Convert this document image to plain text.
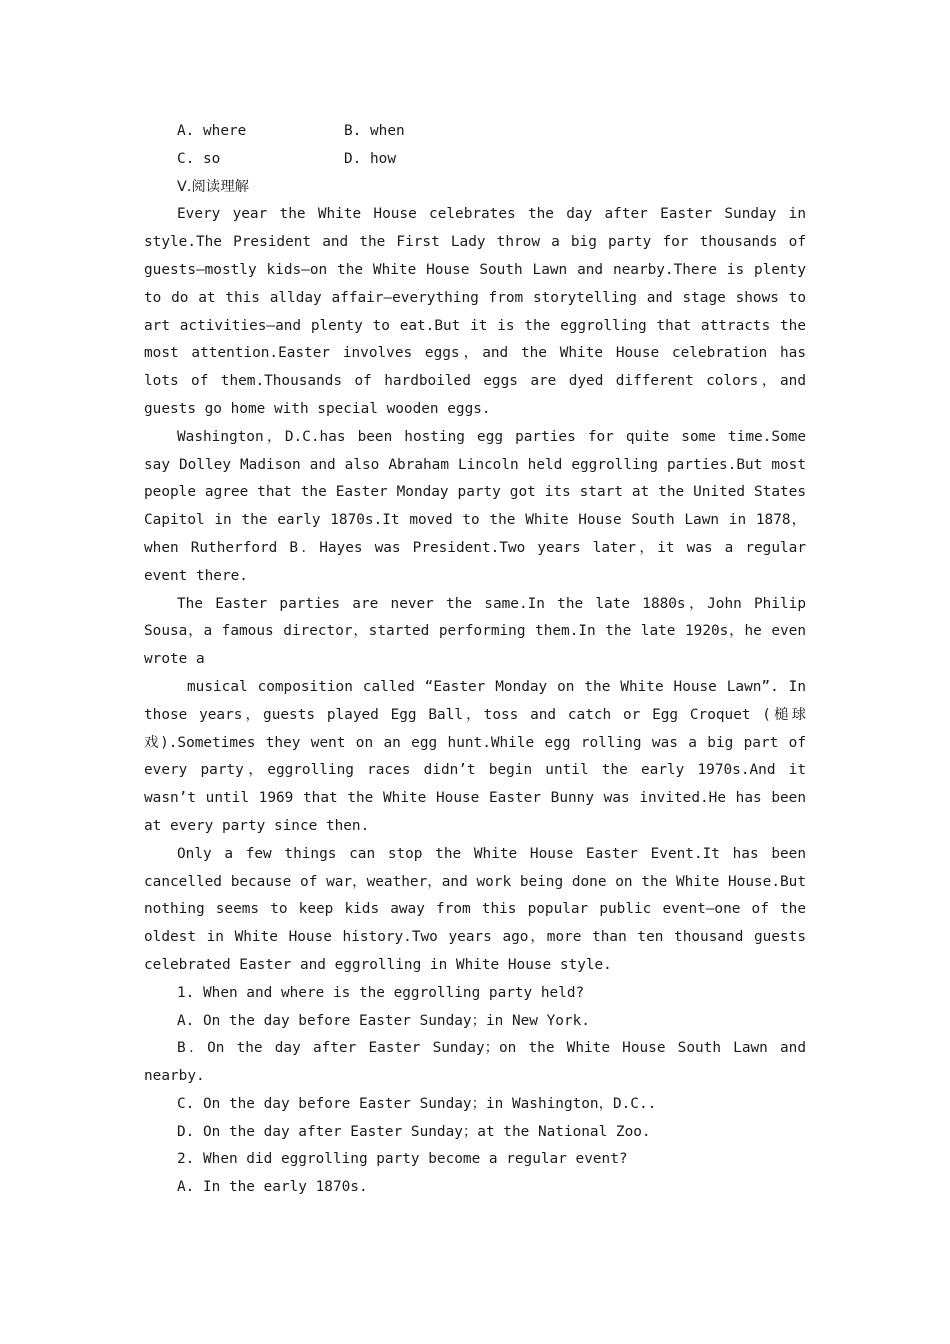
A. where	B. when
C. so	D. how
Ⅴ.阅读理解

Every year the White House celebrates the day after Easter Sunday in style.The President and the First Lady throw a big party for thousands of guests—mostly kids—on the White House South Lawn and nearby.There is plenty to do at this allday affair—everything from storytelling and stage shows to art activities—and plenty to eat.But it is the eggrolling that attracts the most attention.Easter involves eggs，and the White House celebration has lots of them.Thousands of hardboiled eggs are dyed different colors，and guests go home with special wooden eggs.

Washington，D.C.has been hosting egg parties for quite some time.Some say Dolley Madison and also Abraham Lincoln held eggrolling parties.But most people agree that the Easter Monday party got its start at the United States Capitol in the early 1870s.It moved to the White House South Lawn in 1878，when Rutherford B．Hayes was President.Two years later，it was a regular event there.

The Easter parties are never the same.In the late 1880s，John Philip Sousa，a famous director，started performing them.In the late 1920s，he even wrote a

musical composition called “Easter Monday on the White House Lawn”. In those years，guests played Egg Ball，toss and catch or Egg Croquet (槌球戏).Sometimes they went on an egg hunt.While egg rolling was a big part of every party，eggrolling races didn’t begin until the early 1970s.And it wasn’t until 1969 that the White House Easter Bunny was invited.He has been at every party since then.

Only a few things can stop the White House Easter Event.It has been cancelled because of war，weather，and work being done on the White House.But nothing seems to keep kids away from this popular public event—one of the oldest in White House history.Two years ago，more than ten thousand guests celebrated Easter and eggrolling in White House style.

1. When and where is the eggrolling party held?

A. On the day before Easter Sunday；in New York.

B．On the day after Easter Sunday；on the White House South Lawn and nearby.

C. On the day before Easter Sunday；in Washington，D.C..

D. On the day after Easter Sunday；at the National Zoo.

2. When did eggrolling party become a regular event?

A. In the early 1870s.
